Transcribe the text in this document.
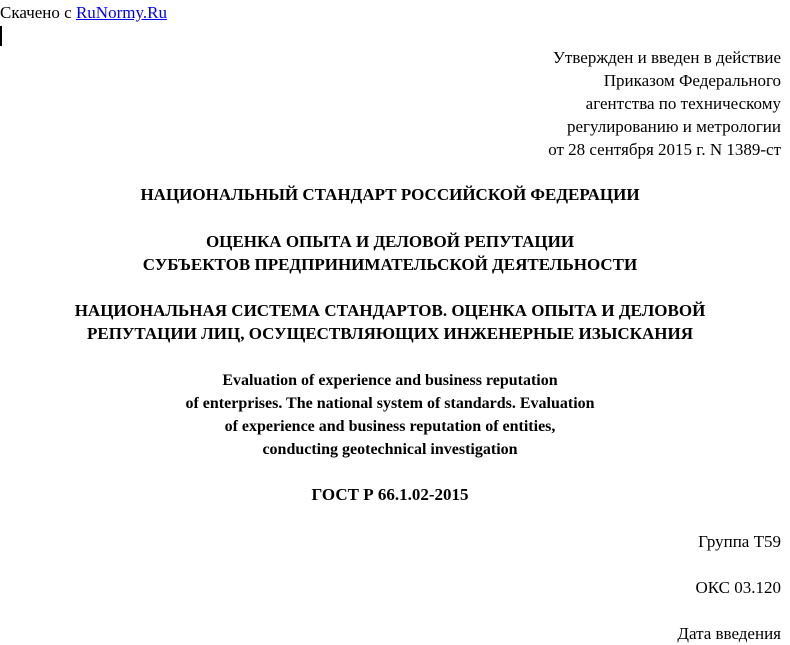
Скачено с RuNormy.Ru
Утвержден и введен в действие
Приказом Федерального
агентства по техническому
регулированию и метрологии
от 28 сентября 2015 г. N 1389-ст
НАЦИОНАЛЬНЫЙ СТАНДАРТ РОССИЙСКОЙ ФЕДЕРАЦИИ
ОЦЕНКА ОПЫТА И ДЕЛОВОЙ РЕПУТАЦИИ
СУБЪЕКТОВ ПРЕДПРИНИМАТЕЛЬСКОЙ ДЕЯТЕЛЬНОСТИ
НАЦИОНАЛЬНАЯ СИСТЕМА СТАНДАРТОВ. ОЦЕНКА ОПЫТА И ДЕЛОВОЙ
РЕПУТАЦИИ ЛИЦ, ОСУЩЕСТВЛЯЮЩИХ ИНЖЕНЕРНЫЕ ИЗЫСКАНИЯ
Evaluation of experience and business reputation
of enterprises. The national system of standards. Evaluation
of experience and business reputation of entities,
conducting geotechnical investigation
ГОСТ Р 66.1.02-2015
Группа Т59
ОКС 03.120
Дата введения
